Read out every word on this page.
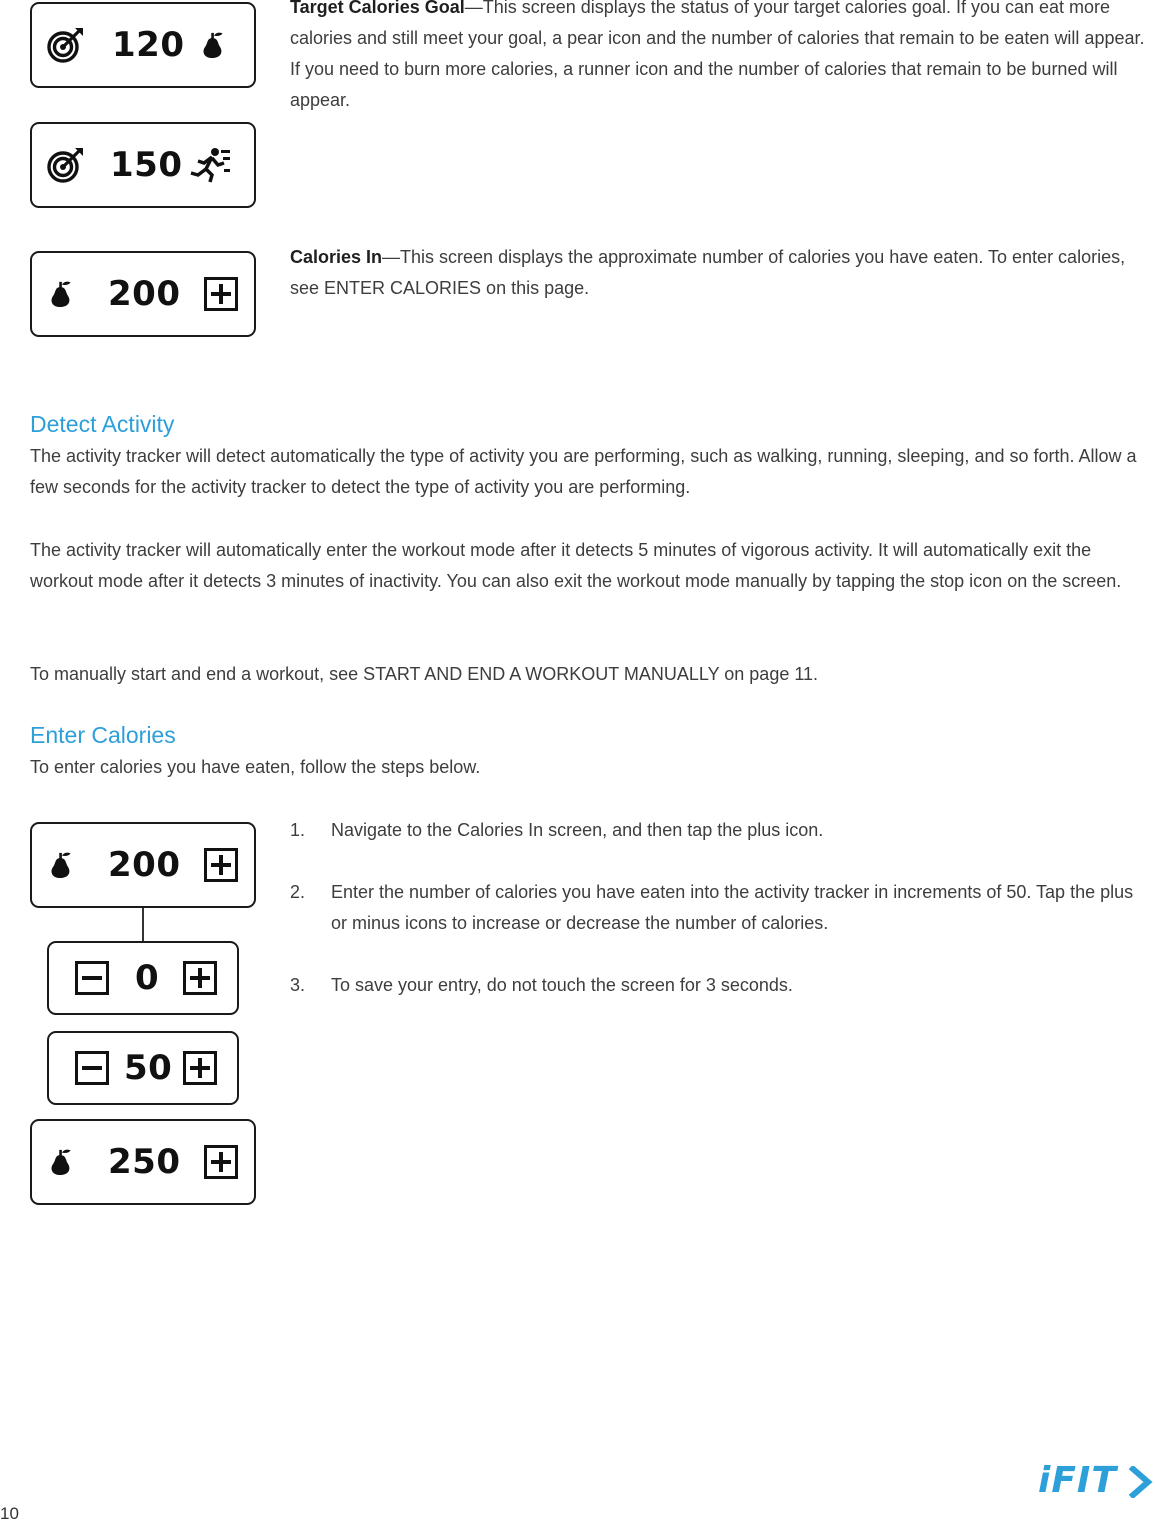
120
150
200

Target Calories Goal—This screen displays the status of your target calories goal. If you can eat more calories and still meet your goal, a pear icon and the number of calories that remain to be eaten will appear. If you need to burn more calories, a runner icon and the number of calories that remain to be burned will appear.

Calories In—This screen displays the approximate number of calories you have eaten. To enter calories, see ENTER CALORIES on this page.

Detect Activity

The activity tracker will detect automatically the type of activity you are performing, such as walking, running, sleeping, and so forth. Allow a few seconds for the activity tracker to detect the type of activity you are performing.

The activity tracker will automatically enter the workout mode after it detects 5 minutes of vigorous activity. It will automatically exit the workout mode after it detects 3 minutes of inactivity. You can also exit the workout mode manually by tapping the stop icon on the screen.

To manually start and end a workout, see START AND END A WORKOUT MANUALLY on page 11.

Enter Calories

To enter calories you have eaten, follow the steps below.

200
0
50
250
1. Navigate to the Calories In screen, and then tap the plus icon.
2. Enter the number of calories you have eaten into the activity tracker in increments of 50. Tap the plus or minus icons to increase or decrease the number of calories.
3. To save your entry, do not touch the screen for 3 seconds.
10
iFIT
